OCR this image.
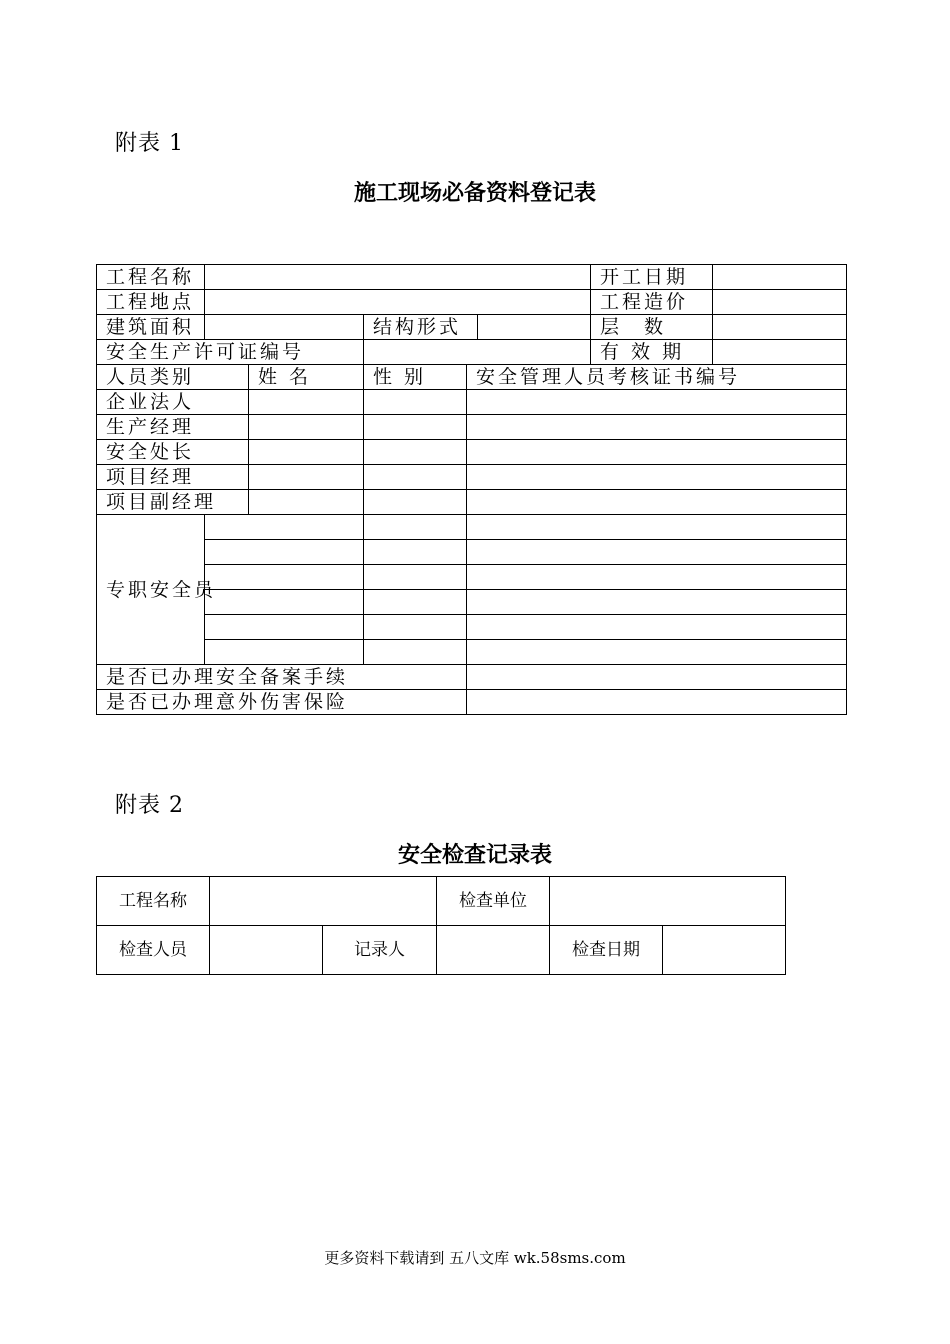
附表 1
施工现场必备资料登记表
工程名称						开工日期	
工程地点						工程造价	
建筑面积			结构形式			层　数	
安全生产许可证编号						有 效 期	
人员类别		姓 名	性 别	安全管理人员考核证书编号			
企业法人							
生产经理							
安全处长							
项目经理							
项目副经理							
专职安全员							

是否已办理安全备案手续							
是否已办理意外伤害保险							
附表 2
安全检查记录表
工程名称			检查单位		
检查人员		记录人		检查日期	
更多资料下载请到 五八文库 wk.58sms.com
